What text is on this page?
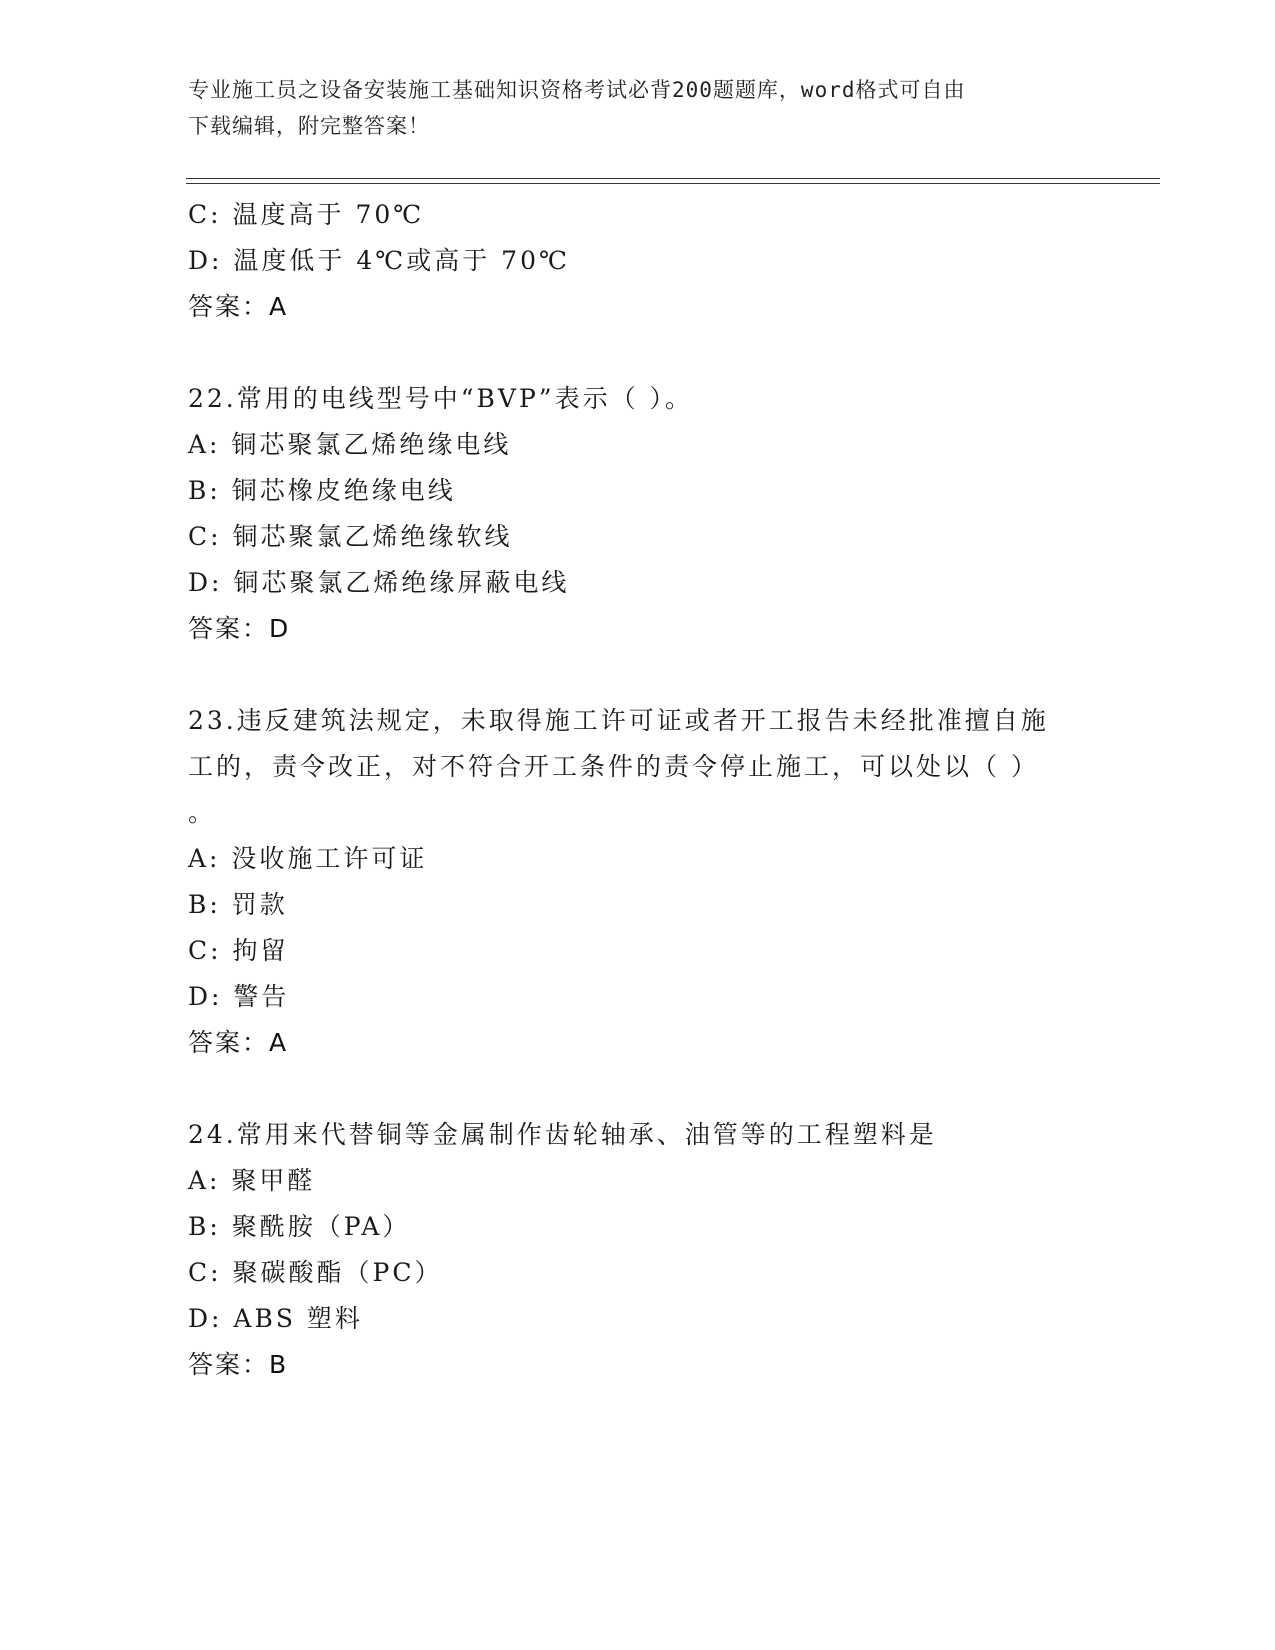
专业施工员之设备安装施工基础知识资格考试必背200题题库，word格式可自由
下载编辑，附完整答案！
C: 温度高于 70℃
D: 温度低于 4℃或高于 70℃
答案：A
22.常用的电线型号中“BVP”表示（ ）。
A: 铜芯聚氯乙烯绝缘电线
B: 铜芯橡皮绝缘电线
C: 铜芯聚氯乙烯绝缘软线
D: 铜芯聚氯乙烯绝缘屏蔽电线
答案：D
23.违反建筑法规定，未取得施工许可证或者开工报告未经批准擅自施
工的，责令改正，对不符合开工条件的责令停止施工，可以处以（ ）
。
A: 没收施工许可证
B: 罚款
C: 拘留
D: 警告
答案：A
24.常用来代替铜等金属制作齿轮轴承、油管等的工程塑料是
A: 聚甲醛
B: 聚酰胺（PA）
C: 聚碳酸酯（PC）
D: ABS 塑料
答案：B
